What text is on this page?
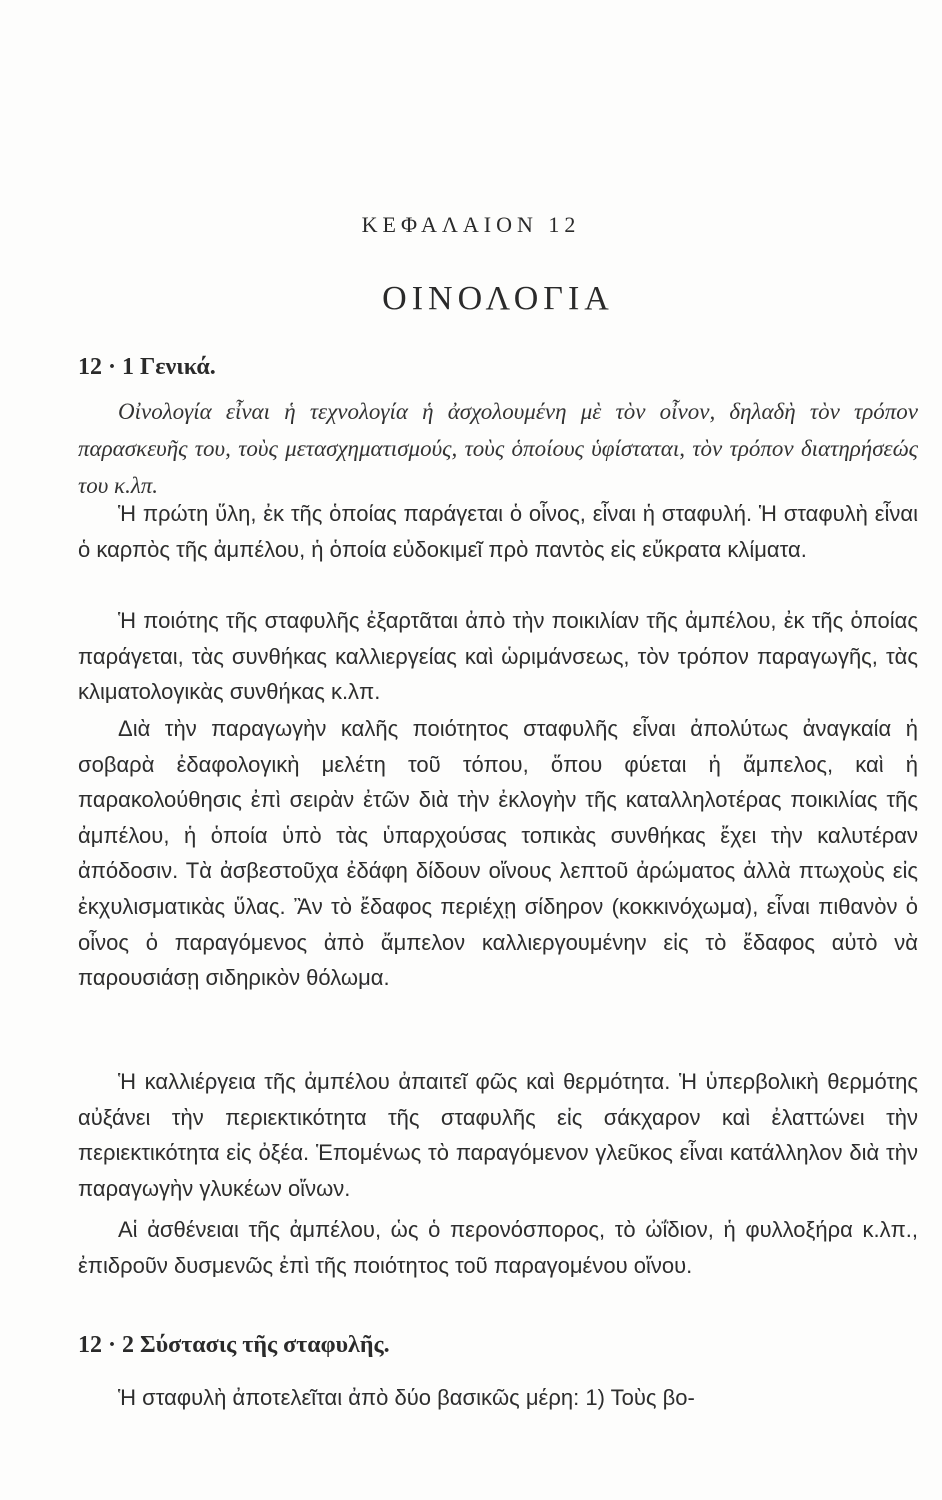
ΚΕΦΑΛΑΙΟΝ 12
ΟΙΝΟΛΟΓΙΑ
12 · 1 Γενικά.

Οἰνολογία εἶναι ἡ τεχνολογία ἡ ἀσχολουμένη μὲ τὸν οἶνον, δηλαδὴ τὸν τρόπον παρασκευῆς του, τοὺς μετασχηματισμούς, τοὺς ὁποίους ὑφίσταται, τὸν τρόπον διατηρήσεώς του κ.λπ.

Ἡ πρώτη ὕλη, ἐκ τῆς ὁποίας παράγεται ὁ οἶνος, εἶναι ἡ σταφυλή. Ἡ σταφυλὴ εἶναι ὁ καρπὸς τῆς ἀμπέλου, ἡ ὁποία εὐδοκιμεῖ πρὸ παντὸς εἰς εὔκρατα κλίματα.

Ἡ ποιότης τῆς σταφυλῆς ἐξαρτᾶται ἀπὸ τὴν ποικιλίαν τῆς ἀμπέλου, ἐκ τῆς ὁποίας παράγεται, τὰς συνθήκας καλλιεργείας καὶ ὡριμάνσεως, τὸν τρόπον παραγωγῆς, τὰς κλιματολογικὰς συνθήκας κ.λπ.

Διὰ τὴν παραγωγὴν καλῆς ποιότητος σταφυλῆς εἶναι ἀπολύτως ἀναγκαία ἡ σοβαρὰ ἐδαφολογικὴ μελέτη τοῦ τόπου, ὅπου φύεται ἡ ἄμπελος, καὶ ἡ παρακολούθησις ἐπὶ σειρὰν ἐτῶν διὰ τὴν ἐκλογὴν τῆς καταλληλοτέρας ποικιλίας τῆς ἀμπέλου, ἡ ὁποία ὑπὸ τὰς ὑπαρχούσας τοπικὰς συνθήκας ἔχει τὴν καλυτέραν ἀπόδοσιν. Τὰ ἀσβεστοῦχα ἐδάφη δίδουν οἴνους λεπτοῦ ἀρώματος ἀλλὰ πτωχοὺς εἰς ἐκχυλισματικὰς ὕλας. Ἂν τὸ ἔδαφος περιέχῃ σίδηρον (κοκκινόχωμα), εἶναι πιθανὸν ὁ οἶνος ὁ παραγόμενος ἀπὸ ἄμπελον καλλιεργουμένην εἰς τὸ ἔδαφος αὐτὸ νὰ παρουσιάσῃ σιδηρικὸν θόλωμα.

Ἡ καλλιέργεια τῆς ἀμπέλου ἀπαιτεῖ φῶς καὶ θερμότητα. Ἡ ὑπερβολικὴ θερμότης αὐξάνει τὴν περιεκτικότητα τῆς σταφυλῆς εἰς σάκχαρον καὶ ἐλαττώνει τὴν περιεκτικότητα εἰς ὀξέα. Ἑπομένως τὸ παραγόμενον γλεῦκος εἶναι κατάλληλον διὰ τὴν παραγωγὴν γλυκέων οἴνων.

Αἱ ἀσθένειαι τῆς ἀμπέλου, ὡς ὁ περονόσπορος, τὸ ὠΐδιον, ἡ φυλλοξήρα κ.λπ., ἐπιδροῦν δυσμενῶς ἐπὶ τῆς ποιότητος τοῦ παραγομένου οἴνου.

12 · 2 Σύστασις τῆς σταφυλῆς.

Ἡ σταφυλὴ ἀποτελεῖται ἀπὸ δύο βασικῶς μέρη: 1) Τοὺς βο-
